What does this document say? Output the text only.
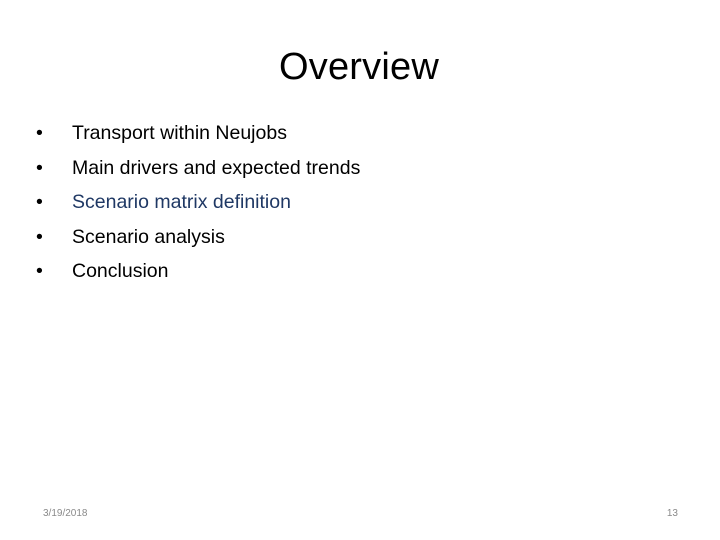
Overview
• Transport within Neujobs
• Main drivers and expected trends
• Scenario matrix definition
• Scenario analysis
• Conclusion
3/19/2018	13
